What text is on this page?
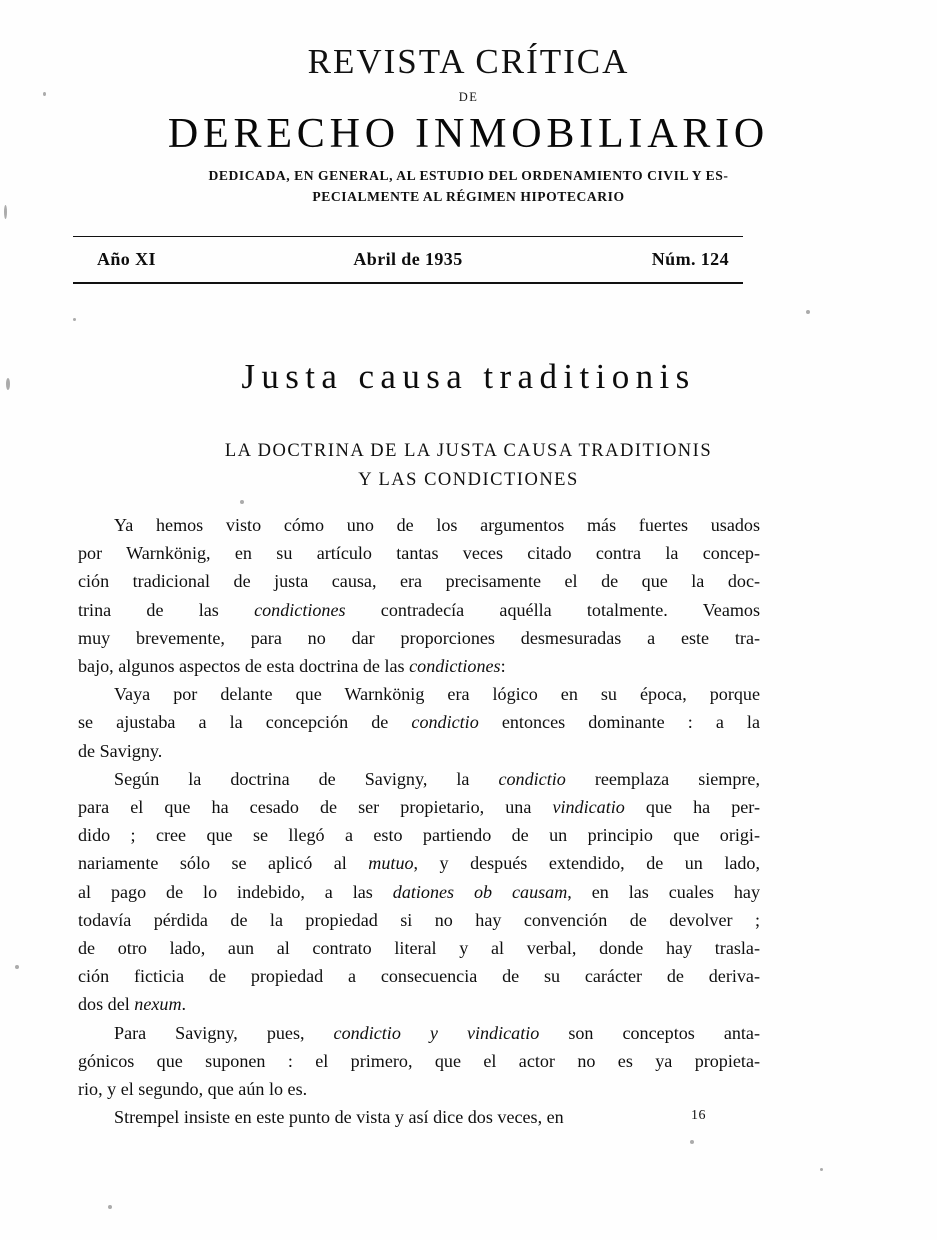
REVISTA CRÍTICA

DE

DERECHO INMOBILIARIO

DEDICADA, EN GENERAL, AL ESTUDIO DEL ORDENAMIENTO CIVIL Y ES-
PECIALMENTE AL RÉGIMEN HIPOTECARIO

Año XI	Abril de 1935	Núm. 124
Justa causa traditionis
LA DOCTRINA DE LA JUSTA CAUSA TRADITIONIS
Y LAS CONDICTIONES

Ya hemos visto cómo uno de los argumentos más fuertes usados
por Warnkönig, en su artículo tantas veces citado contra la concep-
ción tradicional de justa causa, era precisamente el de que la doc-
trina de las condictiones contradecía aquélla totalmente. Veamos
muy brevemente, para no dar proporciones desmesuradas a este tra-
bajo, algunos aspectos de esta doctrina de las condictiones:

Vaya por delante que Warnkönig era lógico en su época, porque
se ajustaba a la concepción de condictio entonces dominante : a la
de Savigny.

Según la doctrina de Savigny, la condictio reemplaza siempre,
para el que ha cesado de ser propietario, una vindicatio que ha per-
dido ; cree que se llegó a esto partiendo de un principio que origi-
nariamente sólo se aplicó al mutuo, y después extendido, de un lado,
al pago de lo indebido, a las dationes ob causam, en las cuales hay
todavía pérdida de la propiedad si no hay convención de devolver ;
de otro lado, aun al contrato literal y al verbal, donde hay trasla-
ción ficticia de propiedad a consecuencia de su carácter de deriva-
dos del nexum.

Para Savigny, pues, condictio y vindicatio son conceptos anta-
gónicos que suponen : el primero, que el actor no es ya propieta-
rio, y el segundo, que aún lo es.

Strempel insiste en este punto de vista y así dice dos veces, en	16
